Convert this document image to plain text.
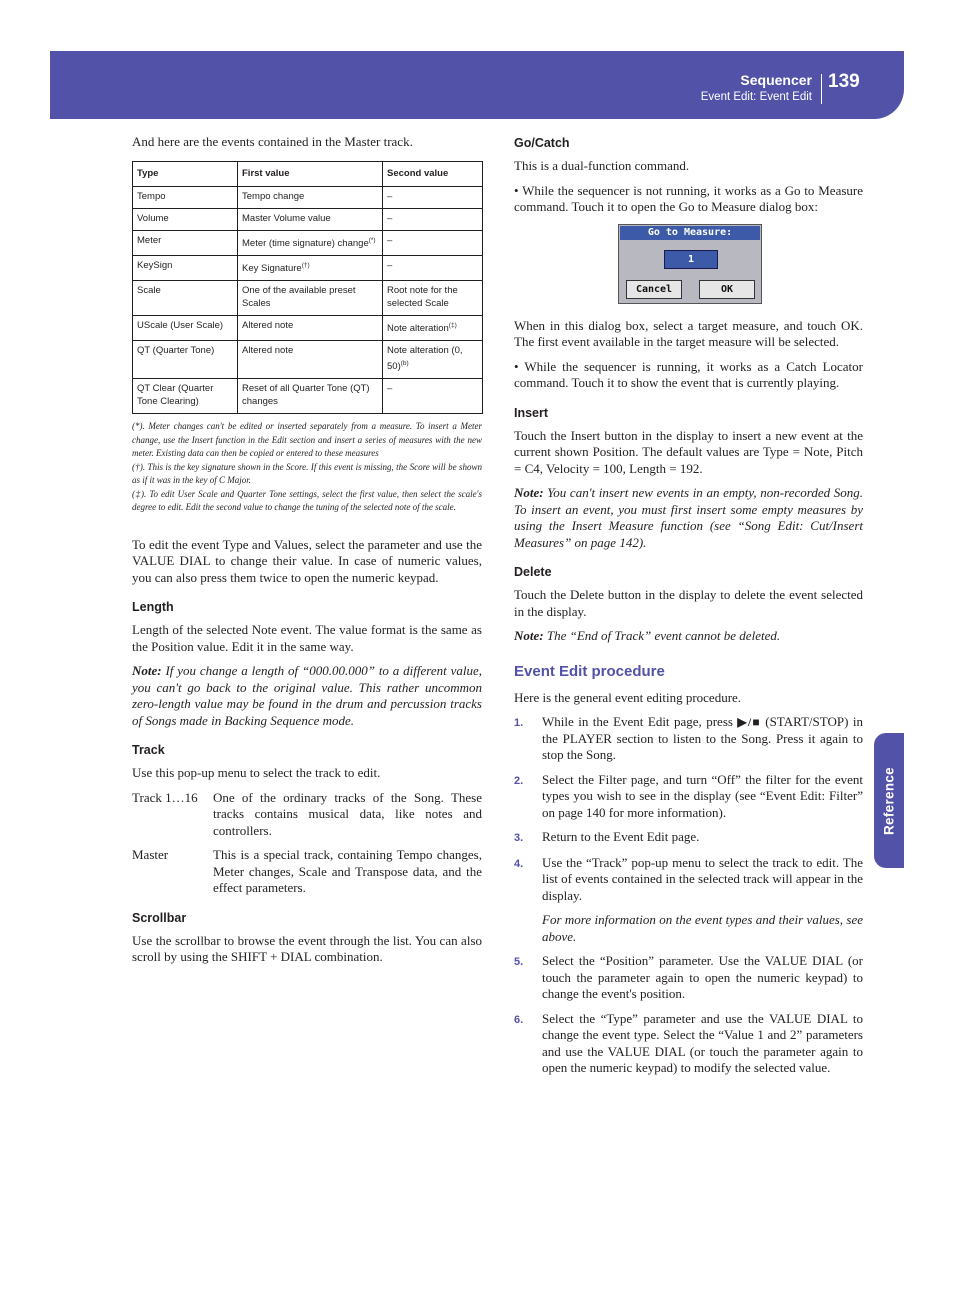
Sequencer
Event Edit: Event Edit
139
Reference

And here are the events contained in the Master track.

Type	First value	Second value
Tempo	Tempo change	–
Volume	Master Volume value	–
Meter	Meter (time signature) change(*)	–
KeySign	Key Signature(†)	–
Scale	One of the available preset Scales	Root note for the selected Scale
UScale (User Scale)	Altered note	Note alteration(‡)
QT (Quarter Tone)	Altered note	Note alteration (0, 50)$^{(b)}$
QT Clear (Quarter Tone Clearing)	Reset of all Quarter Tone (QT) changes	–

(*). Meter changes can't be edited or inserted separately from a measure. To insert a Meter change, use the Insert function in the Edit section and insert a series of measures with the new meter. Existing data can then be copied or entered to these measures

(†). This is the key signature shown in the Score. If this event is missing, the Score will be shown as if it was in the key of C Major.

(‡). To edit User Scale and Quarter Tone settings, select the first value, then select the scale's degree to edit. Edit the second value to change the tuning of the selected note of the scale.

To edit the event Type and Values, select the parameter and use the VALUE DIAL to change their value. In case of numeric values, you can also press them twice to open the numeric keypad.

Length

Length of the selected Note event. The value format is the same as the Position value. Edit it in the same way.

Note: If you change a length of “000.00.000” to a different value, you can't go back to the original value. This rather uncommon zero-length value may be found in the drum and percussion tracks of Songs made in Backing Sequence mode.

Track

Use this pop-up menu to select the track to edit.

Track 1…16	One of the ordinary tracks of the Song. These tracks contains musical data, like notes and controllers.
Master	This is a special track, containing Tempo changes, Meter changes, Scale and Transpose data, and the effect parameters.
Scrollbar

Use the scrollbar to browse the event through the list. You can also scroll by using the SHIFT + DIAL combination.

Go/Catch

This is a dual-function command.

• While the sequencer is not running, it works as a Go to Measure command. Touch it to open the Go to Measure dialog box:

Go to Measure:
1
Cancel	OK

When in this dialog box, select a target measure, and touch OK. The first event available in the target measure will be selected.

• While the sequencer is running, it works as a Catch Locator command. Touch it to show the event that is currently playing.

Insert

Touch the Insert button in the display to insert a new event at the current shown Position. The default values are Type = Note, Pitch = C4, Velocity = 100, Length = 192.

Note: You can't insert new events in an empty, non-recorded Song. To insert an event, you must first insert some empty measures by using the Insert Measure function (see “Song Edit: Cut/Insert Measures” on page 142).

Delete

Touch the Delete button in the display to delete the event selected in the display.

Note: The “End of Track” event cannot be deleted.

Event Edit procedure

Here is the general event editing procedure.

1.	While in the Event Edit page, press ▶/■ (START/STOP) in the PLAYER section to listen to the Song. Press it again to stop the Song.
2.	Select the Filter page, and turn “Off” the filter for the event types you wish to see in the display (see “Event Edit: Filter” on page 140 for more information).
3.	Return to the Event Edit page.
4.	Use the “Track” pop-up menu to select the track to edit. The list of events contained in the selected track will appear in the display.

For more information on the event types and their values, see above.

5.	Select the “Position” parameter. Use the VALUE DIAL (or touch the parameter again to open the numeric keypad) to change the event's position.
6.	Select the “Type” parameter and use the VALUE DIAL to change the event type. Select the “Value 1 and 2” parameters and use the VALUE DIAL (or touch the parameter again to open the numeric keypad) to modify the selected value.
